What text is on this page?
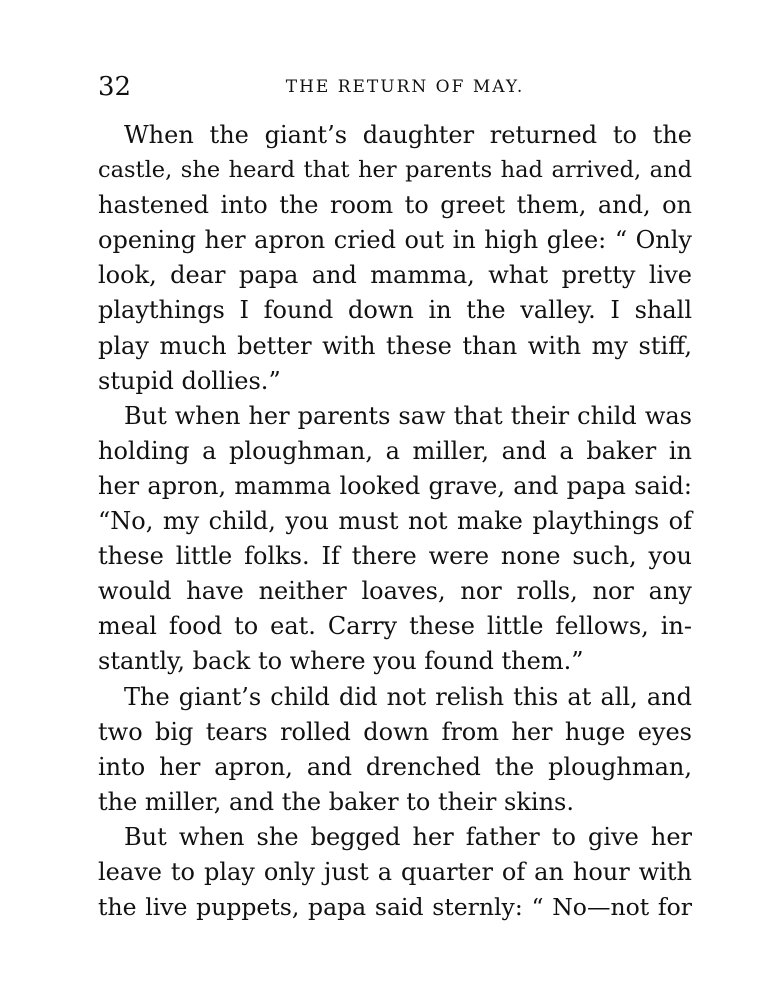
32	THE RETURN OF MAY.
When the giant’s daughter returned to the
castle, she heard that her parents had arrived, and
hastened into the room to greet them, and, on
opening her apron cried out in high glee: “ Only
look, dear papa and mamma, what pretty live
playthings I found down in the valley. I shall
play much better with these than with my stiff,
stupid dollies.”
But when her parents saw that their child was
holding a ploughman, a miller, and a baker in
her apron, mamma looked grave, and papa said:
“No, my child, you must not make playthings of
these little folks. If there were none such, you
would have neither loaves, nor rolls, nor any
meal food to eat. Carry these little fellows, in-
stantly, back to where you found them.”
The giant’s child did not relish this at all, and
two big tears rolled down from her huge eyes
into her apron, and drenched the ploughman,
the miller, and the baker to their skins.
But when she begged her father to give her
leave to play only just a quarter of an hour with
the live puppets, papa said sternly: “ No—not for
